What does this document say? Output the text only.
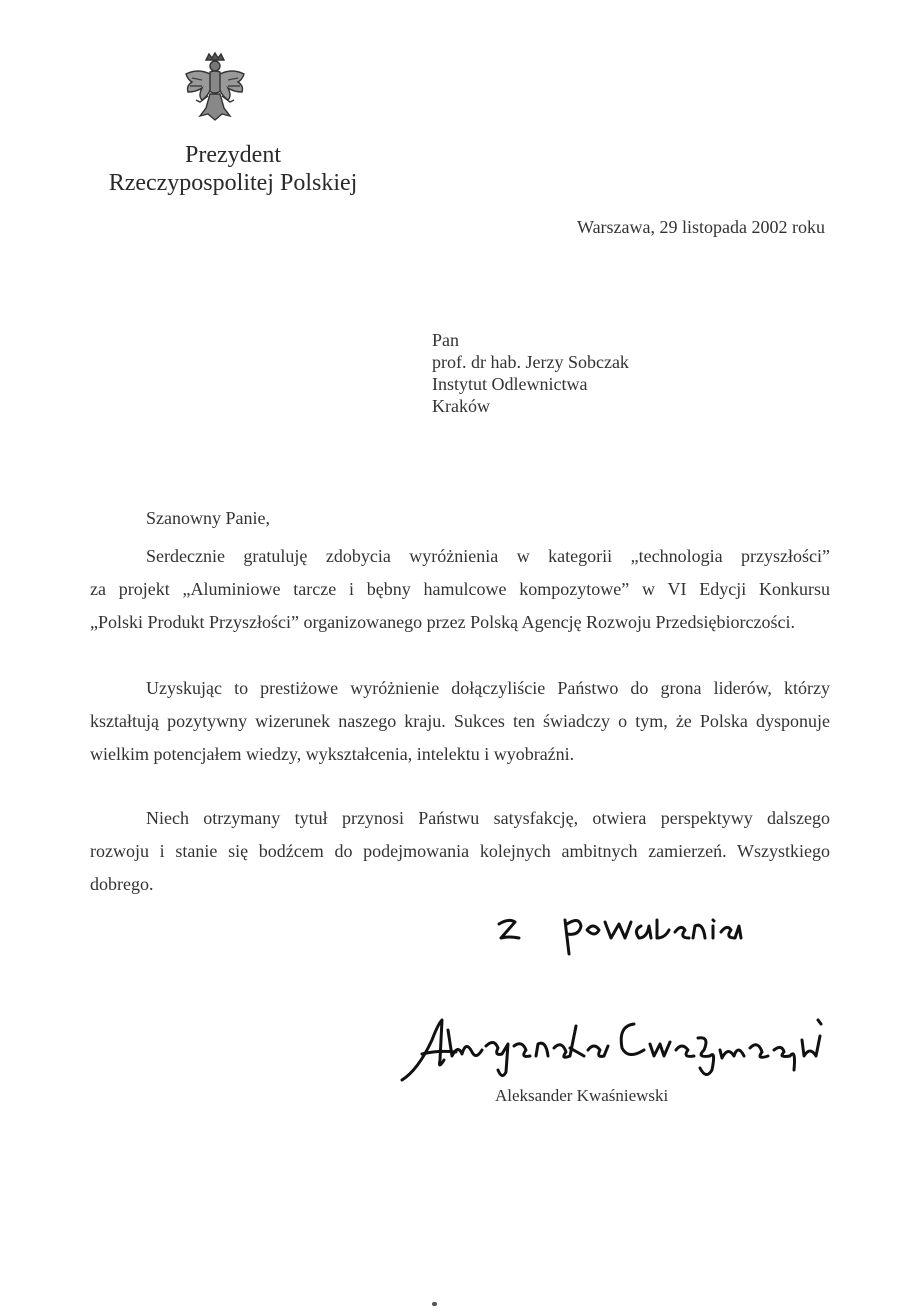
Prezydent
Rzeczypospolitej Polskiej
Warszawa, 29 listopada 2002 roku
Pan
prof. dr hab. Jerzy Sobczak
Instytut Odlewnictwa
Kraków
Szanowny Panie,
Serdecznie gratuluję zdobycia wyróżnienia w kategorii „technologia przyszłości”
za projekt „Aluminiowe tarcze i bębny hamulcowe kompozytowe” w VI Edycji Konkursu
„Polski Produkt Przyszłości” organizowanego przez Polską Agencję Rozwoju Przedsiębiorczości.
Uzyskując to prestiżowe wyróżnienie dołączyliście Państwo do grona liderów, którzy
kształtują pozytywny wizerunek naszego kraju. Sukces ten świadczy o tym, że Polska dysponuje
wielkim potencjałem wiedzy, wykształcenia, intelektu i wyobraźni.
Niech otrzymany tytuł przynosi Państwu satysfakcję, otwiera perspektywy dalszego
rozwoju i stanie się bodźcem do podejmowania kolejnych ambitnych zamierzeń. Wszystkiego
dobrego.
Aleksander Kwaśniewski
